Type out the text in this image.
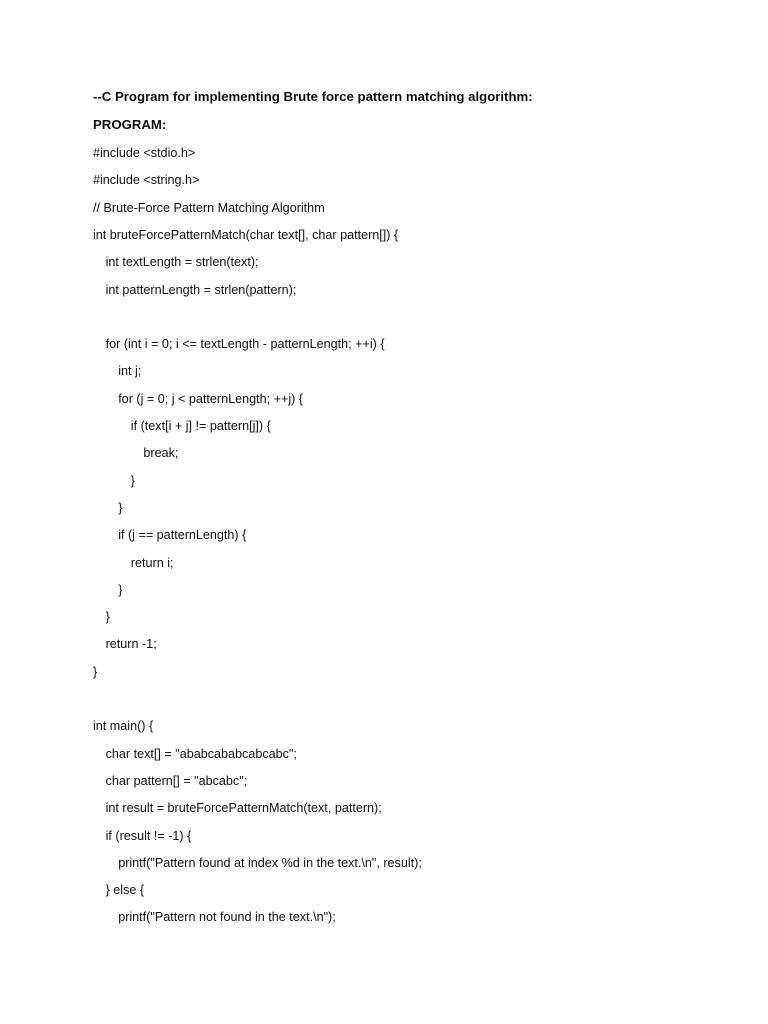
--C Program for implementing Brute force pattern matching algorithm:
PROGRAM:
#include <stdio.h>
#include <string.h>
// Brute-Force Pattern Matching Algorithm
int bruteForcePatternMatch(char text[], char pattern[]) {
int textLength = strlen(text);
int patternLength = strlen(pattern);
for (int i = 0; i <= textLength - patternLength; ++i) {
int j;
for (j = 0; j < patternLength; ++j) {
if (text[i + j] != pattern[j]) {
break;
}
}
if (j == patternLength) {
return i;
}
}
return -1;
}
int main() {
char text[] = "ababcababcabcabc";
char pattern[] = "abcabc";
int result = bruteForcePatternMatch(text, pattern);
if (result != -1) {
printf("Pattern found at index %d in the text.\n", result);
} else {
printf("Pattern not found in the text.\n");
